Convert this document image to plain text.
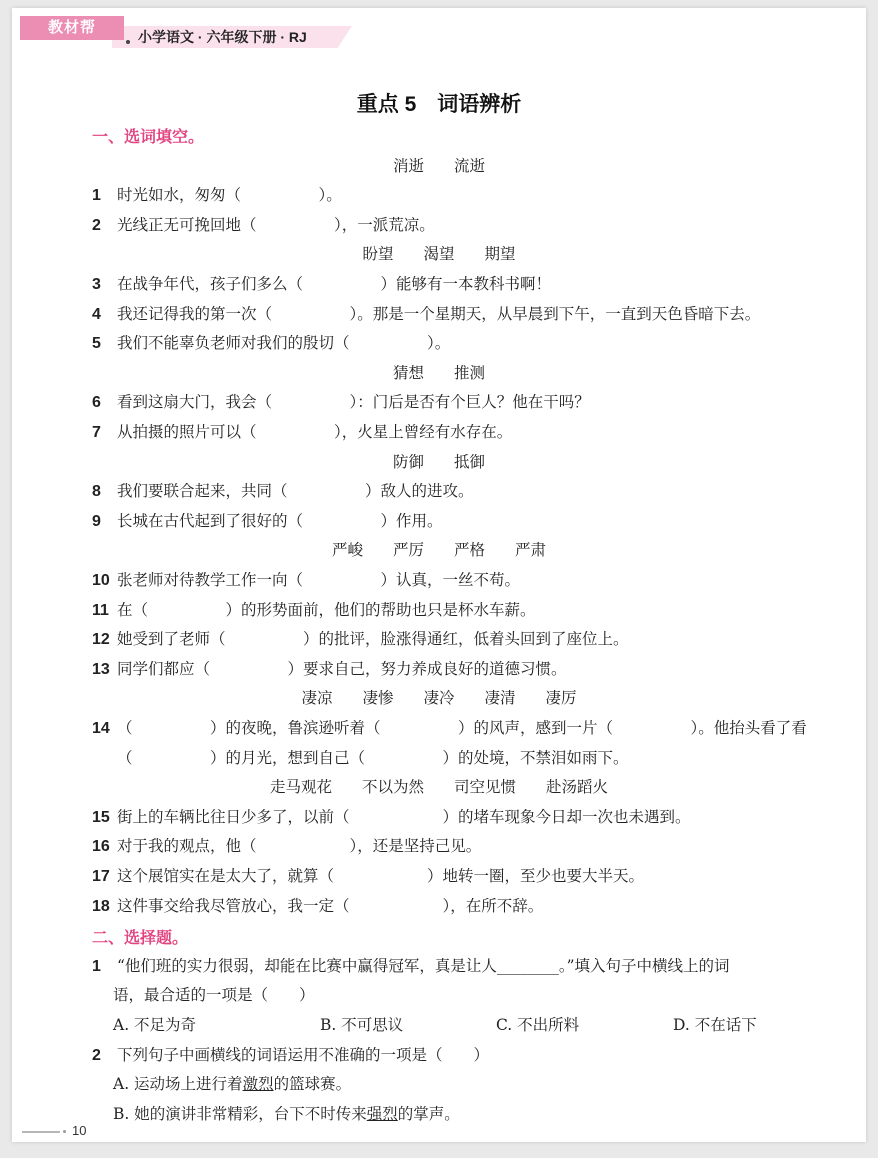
教材帮
小学语文 · 六年级下册 · RJ
重点 5　词语辨析
一、选词填空。
消逝 流逝
1 时光如水，匆匆（　　　　　）。
2 光线正无可挽回地（　　　　　），一派荒凉。
盼望 渴望 期望
3 在战争年代，孩子们多么（　　　　　）能够有一本教科书啊！
4 我还记得我的第一次（　　　　　）。那是一个星期天，从早晨到下午，一直到天色昏暗下去。
5 我们不能辜负老师对我们的殷切（　　　　　）。
猜想 推测
6 看到这扇大门，我会（　　　　　）：门后是否有个巨人？他在干吗？
7 从拍摄的照片可以（　　　　　），火星上曾经有水存在。
防御 抵御
8 我们要联合起来，共同（　　　　　）敌人的进攻。
9 长城在古代起到了很好的（　　　　　）作用。
严峻 严厉 严格 严肃
10 张老师对待教学工作一向（　　　　　）认真，一丝不苟。
11 在（　　　　　）的形势面前，他们的帮助也只是杯水车薪。
12 她受到了老师（　　　　　）的批评，脸涨得通红，低着头回到了座位上。
13 同学们都应（　　　　　）要求自己，努力养成良好的道德习惯。
凄凉 凄惨 凄冷 凄清 凄厉
14 （　　　　　）的夜晚，鲁滨逊听着（　　　　　）的风声，感到一片（　　　　　）。他抬头看了看
（　　　　　）的月光，想到自己（　　　　　）的处境，不禁泪如雨下。
走马观花 不以为然 司空见惯 赴汤蹈火
15 街上的车辆比往日少多了，以前（　　　　　　）的堵车现象今日却一次也未遇到。
16 对于我的观点，他（　　　　　　），还是坚持己见。
17 这个展馆实在是太大了，就算（　　　　　　）地转一圈，至少也要大半天。
18 这件事交给我尽管放心，我一定（　　　　　　），在所不辞。
二、选择题。
1 “他们班的实力很弱，却能在比赛中赢得冠军，真是让人________。”填入句子中横线上的词
语，最合适的一项是（　　）
A. 不足为奇	B. 不可思议	C. 不出所料	D. 不在话下
2 下列句子中画横线的词语运用不准确的一项是（　　）
A. 运动场上进行着激烈的篮球赛。
B. 她的演讲非常精彩，台下不时传来强烈的掌声。
10
